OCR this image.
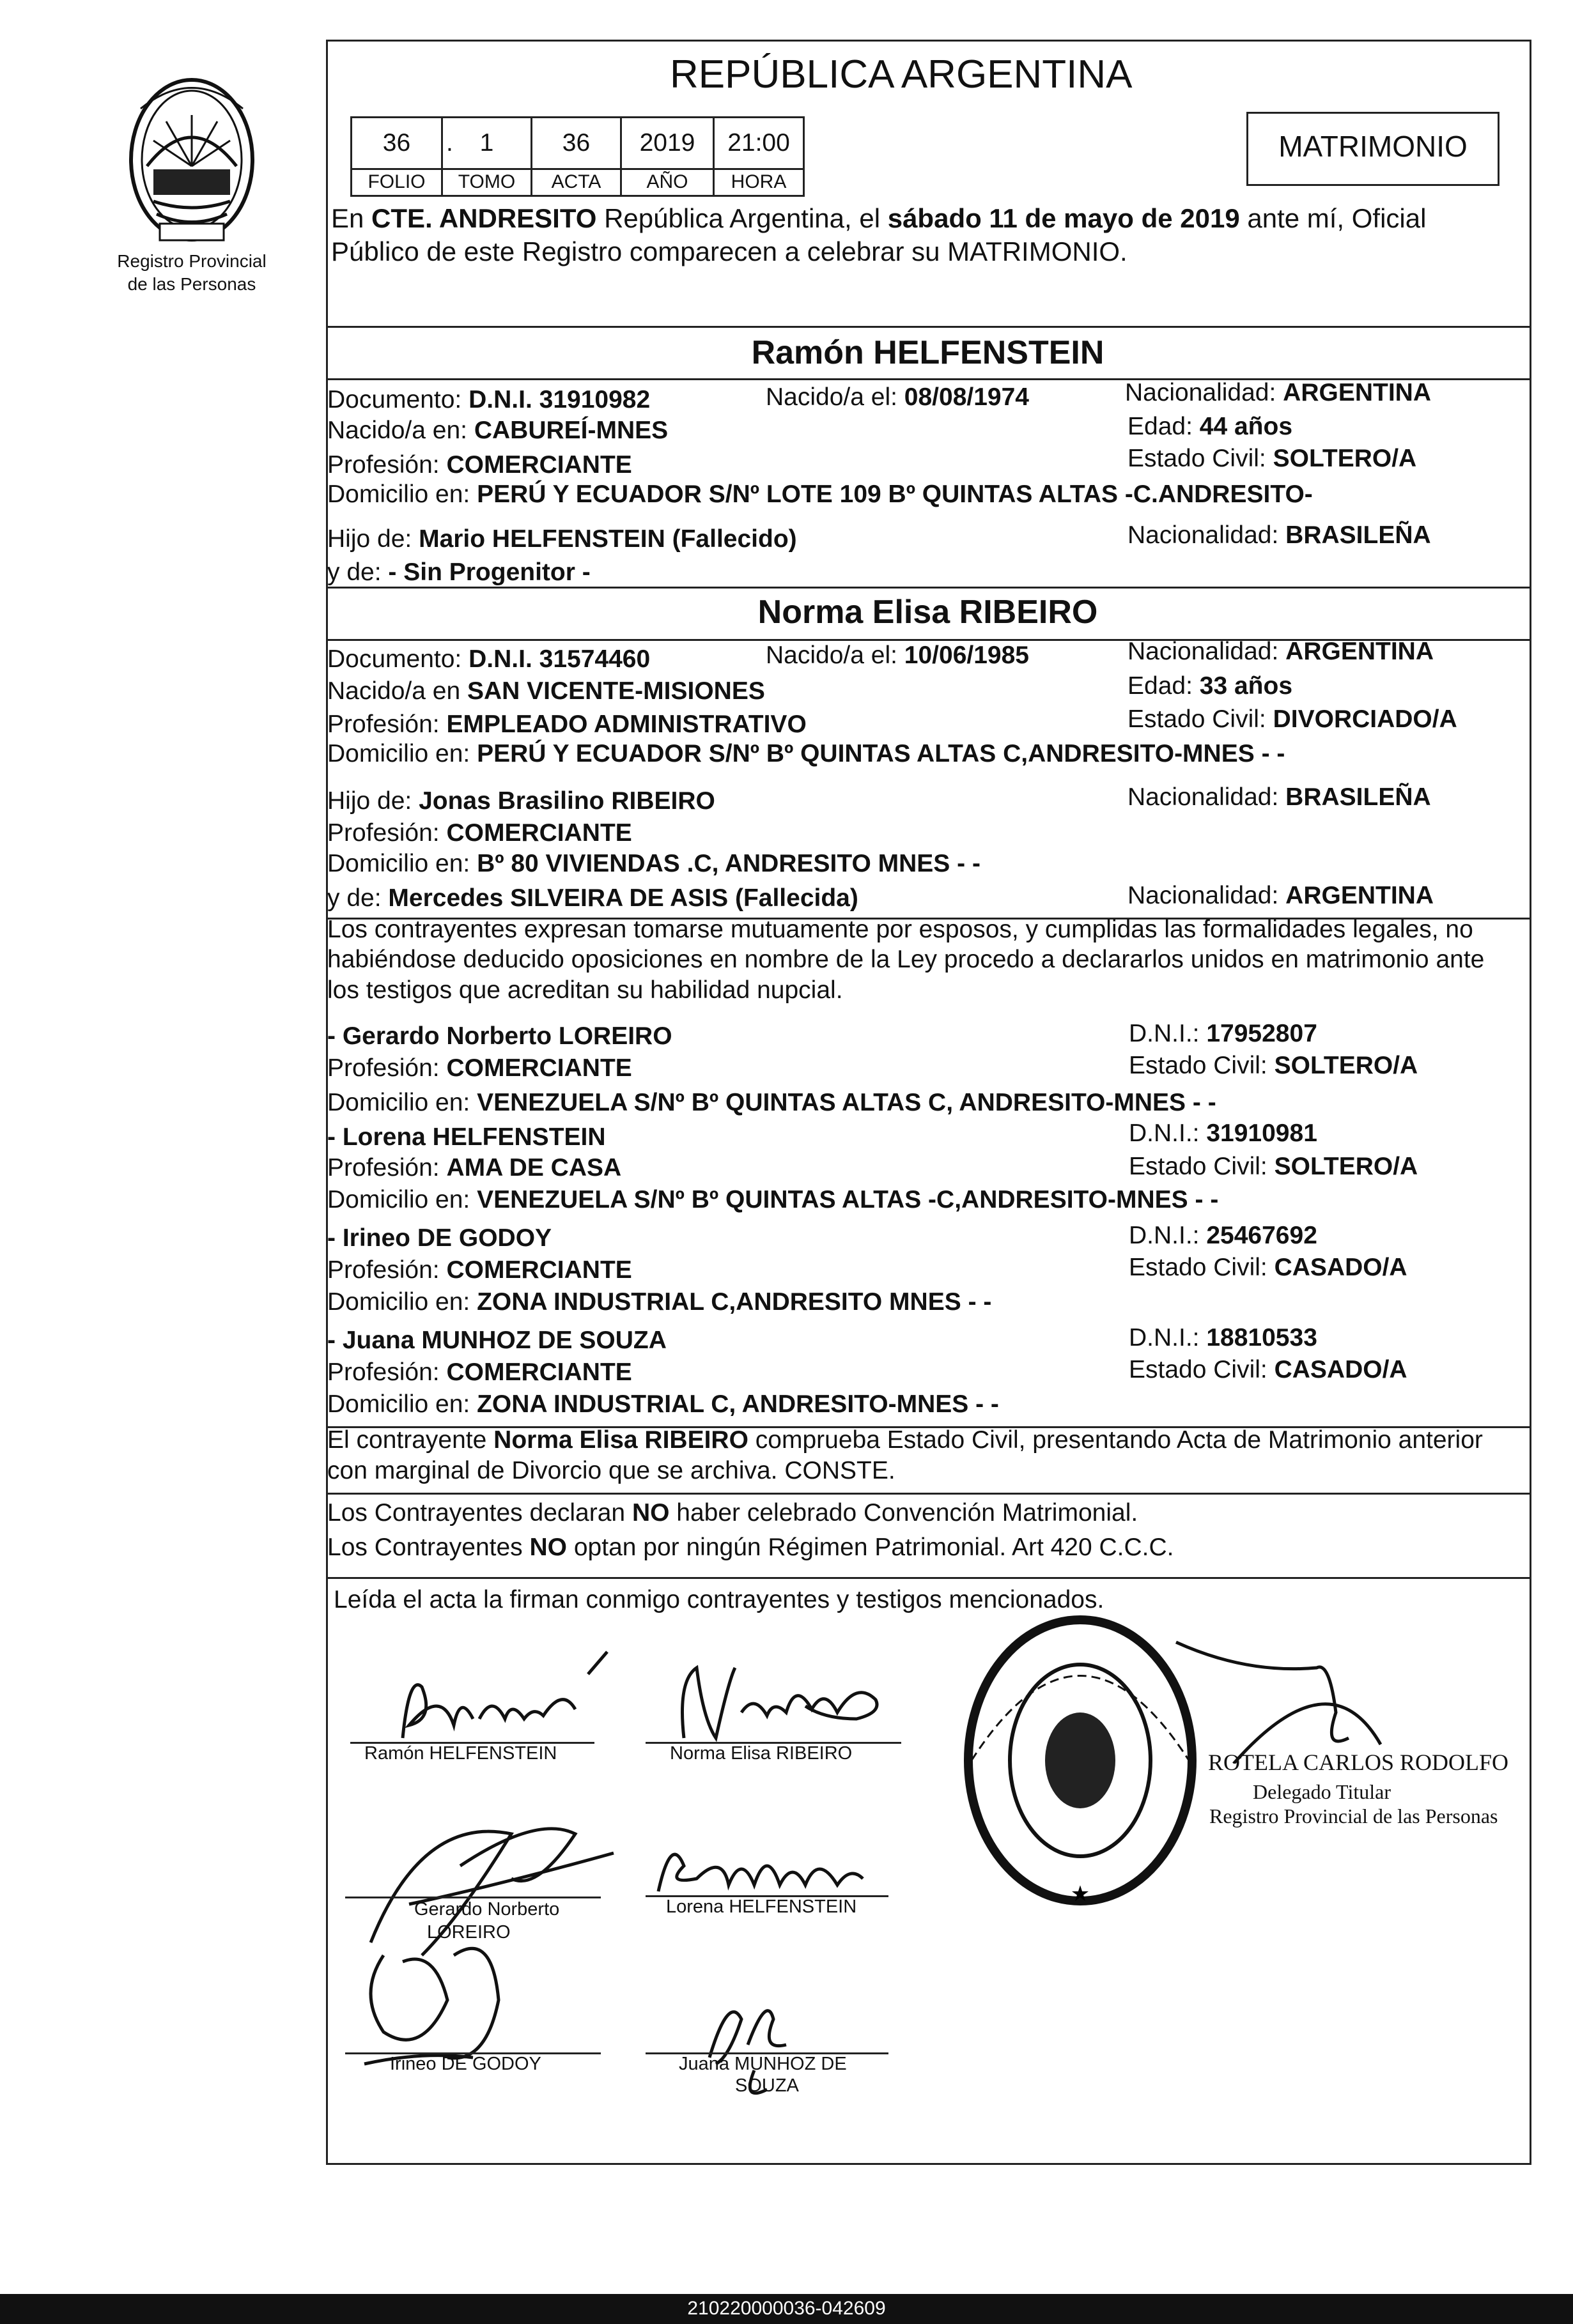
Registro Provincial
de las Personas
REPÚBLICA ARGENTINA
MATRIMONIO
36	.	1	36	2019	21:00
FOLIO	TOMO	ACTA	AÑO	HORA
En CTE. ANDRESITO República Argentina, el sábado 11 de mayo de 2019 ante mí, Oficial
Público de este Registro comparecen a celebrar su MATRIMONIO.
Ramón HELFENSTEIN
Documento: D.N.I. 31910982	Nacido/a el: 08/08/1974	Nacionalidad: ARGENTINA
Nacido/a en: CABUREÍ-MNES	Edad: 44 años
Profesión: COMERCIANTE	Estado Civil: SOLTERO/A
Domicilio en: PERÚ Y ECUADOR S/Nº LOTE 109 Bº QUINTAS ALTAS -C.ANDRESITO-
Hijo de: Mario HELFENSTEIN (Fallecido)	Nacionalidad: BRASILEÑA
y de: - Sin Progenitor -
Norma Elisa RIBEIRO
Documento: D.N.I. 31574460	Nacido/a el: 10/06/1985	Nacionalidad: ARGENTINA
Nacido/a en SAN VICENTE-MISIONES	Edad: 33 años
Profesión: EMPLEADO ADMINISTRATIVO	Estado Civil: DIVORCIADO/A
Domicilio en: PERÚ Y ECUADOR S/Nº Bº QUINTAS ALTAS C,ANDRESITO-MNES - -
Hijo de: Jonas Brasilino RIBEIRO	Nacionalidad: BRASILEÑA
Profesión: COMERCIANTE
Domicilio en: Bº 80 VIVIENDAS .C, ANDRESITO MNES - -
y de: Mercedes SILVEIRA DE ASIS (Fallecida)	Nacionalidad: ARGENTINA
Los contrayentes expresan tomarse mutuamente por esposos, y cumplidas las formalidades legales, no
habiéndose deducido oposiciones en nombre de la Ley procedo a declararlos unidos en matrimonio ante
los testigos que acreditan su habilidad nupcial.
- Gerardo Norberto LOREIRO	D.N.I.: 17952807
Profesión: COMERCIANTE	Estado Civil: SOLTERO/A
Domicilio en: VENEZUELA S/Nº Bº QUINTAS ALTAS C, ANDRESITO-MNES - -
- Lorena HELFENSTEIN	D.N.I.: 31910981
Profesión: AMA DE CASA	Estado Civil: SOLTERO/A
Domicilio en: VENEZUELA S/Nº Bº QUINTAS ALTAS -C,ANDRESITO-MNES - -
- Irineo DE GODOY	D.N.I.: 25467692
Profesión: COMERCIANTE	Estado Civil: CASADO/A
Domicilio en: ZONA INDUSTRIAL C,ANDRESITO MNES - -
- Juana MUNHOZ DE SOUZA	D.N.I.: 18810533
Profesión: COMERCIANTE	Estado Civil: CASADO/A
Domicilio en: ZONA INDUSTRIAL C, ANDRESITO-MNES - -
El contrayente Norma Elisa RIBEIRO comprueba Estado Civil, presentando Acta de Matrimonio anterior
con marginal de Divorcio que se archiva. CONSTE.
Los Contrayentes declaran NO haber celebrado Convención Matrimonial.
Los Contrayentes NO optan por ningún Régimen Patrimonial. Art 420 C.C.C.
Leída el acta la firman conmigo contrayentes y testigos mencionados.
Ramón HELFENSTEIN	Norma Elisa RIBEIRO
Gerardo Norberto
LOREIRO
Lorena HELFENSTEIN
Irineo DE GODOY	Juana MUNHOZ DE
SOUZA
★
ROTELA CARLOS RODOLFO
Delegado Titular
Registro Provincial de las Personas
210220000036-042609
